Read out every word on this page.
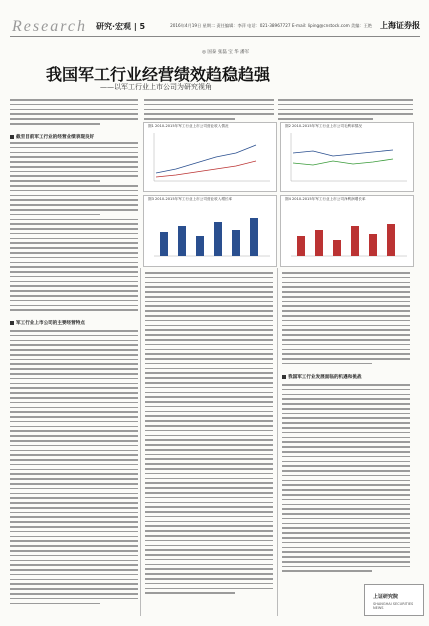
Research 研究·宏观 | 5	2016年4月19日 星期二 责任编辑：李萍 电话：021-38967727 E-mail: liping@cnstock.com 美编：王艳 上海证券报
◎ 国泰 张磊 宝 华 潘军
我国军工行业经营绩效趋稳趋强
——以军工行业上市公司为研究视角
截至目前军工行业的经营业绩表现良好
军工行业上市公司的主要经营特点
图1 2010-2015年军工行业上市公司营业收入情况	图2 2010-2015年军工行业上市公司毛利率情况
图3 2010-2015年军工行业上市公司营业收入增长率	图4 2010-2015年军工行业上市公司净利润增长率
我国军工行业发展面临的机遇和挑战
上证研究院
SHANGHAI SECURITIES NEWS
